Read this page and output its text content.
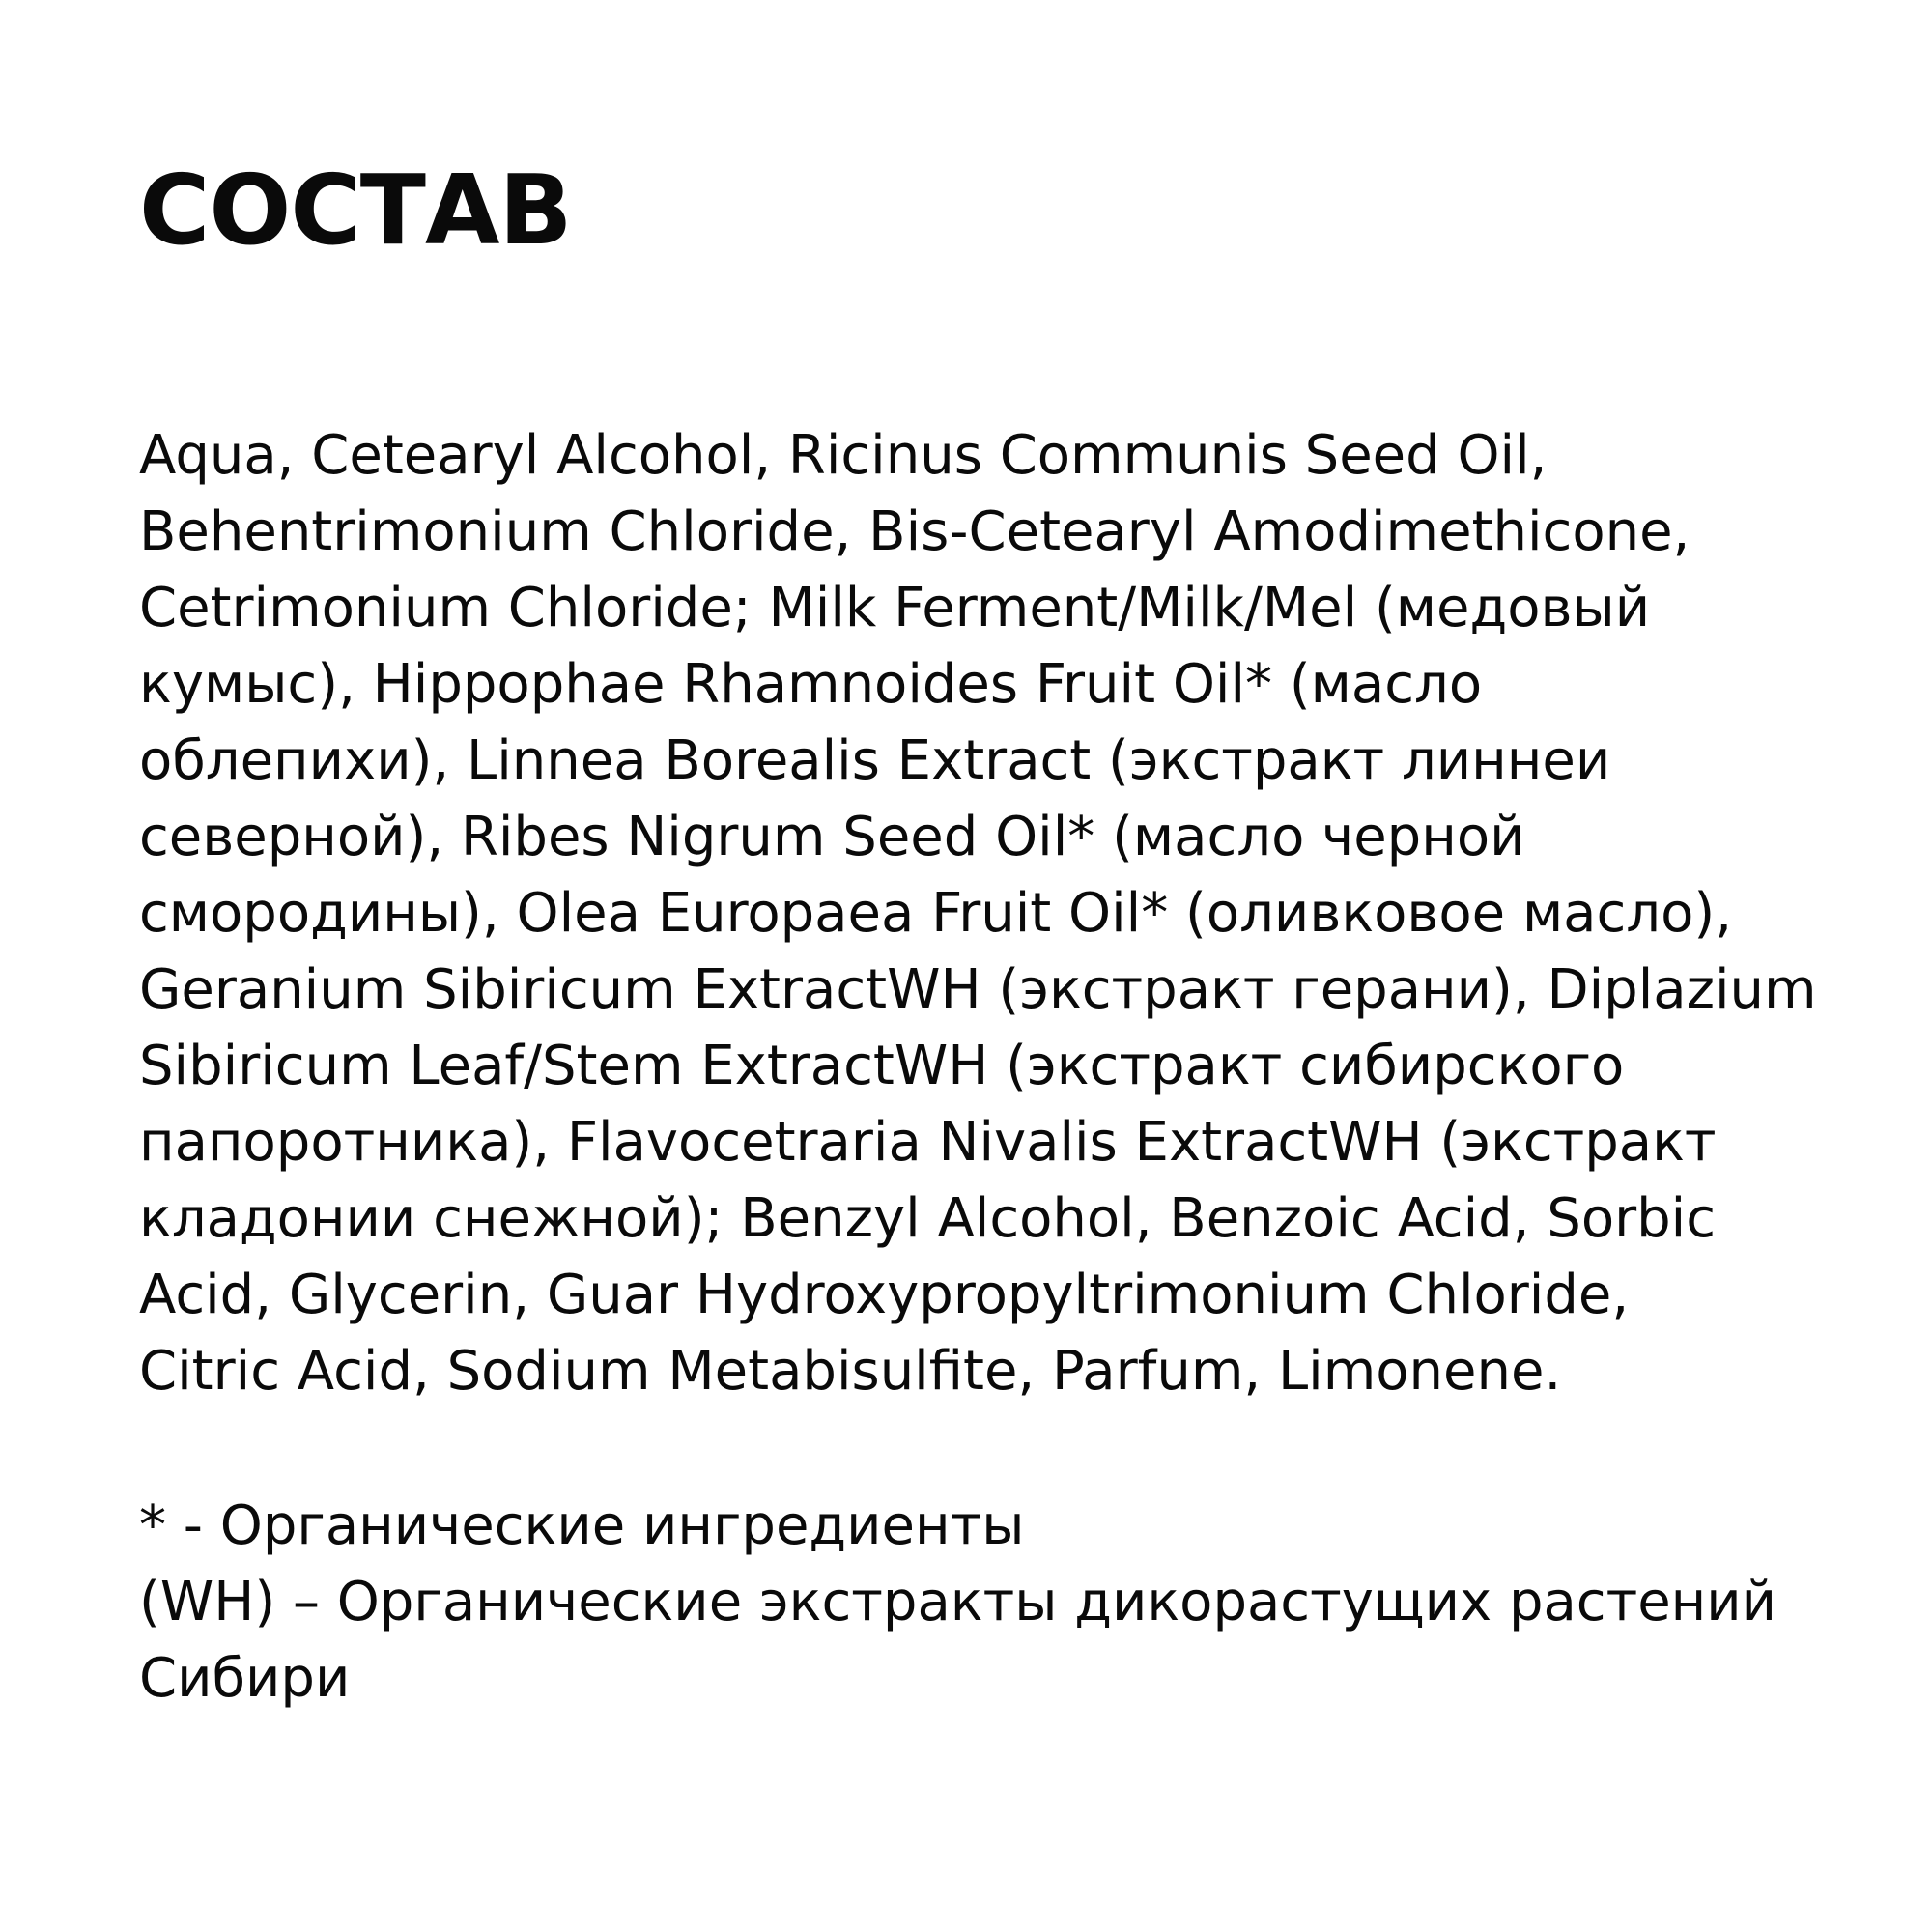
СОСТАВ

Aqua, Cetearyl Alcohol, Ricinus Communis Seed Oil,
Behentrimonium Chloride, Bis-Cetearyl Amodimethicone,
Cetrimonium Chloride; Milk Ferment/Milk/Mel (медовый
кумыс), Hippophae Rhamnoides Fruit Oil* (масло
облепихи), Linnea Borealis Extract (экстракт линнеи
северной), Ribes Nigrum Seed Oil* (масло черной
смородины), Olea Europaea Fruit Oil* (оливковое масло),
Geranium Sibiricum ExtractWH (экстракт герани), Diplazium
Sibiricum Leaf/Stem ExtractWH (экстракт сибирского
папоротника), Flavocetraria Nivalis ExtractWH (экстракт
кладонии снежной); Benzyl Alcohol, Benzoic Acid, Sorbic
Acid, Glycerin, Guar Hydroxypropyltrimonium Chloride,
Citric Acid, Sodium Metabisulfite, Parfum, Limonene.

* - Органические ингредиенты
(WH) – Органические экстракты дикорастущих растений
Сибири
